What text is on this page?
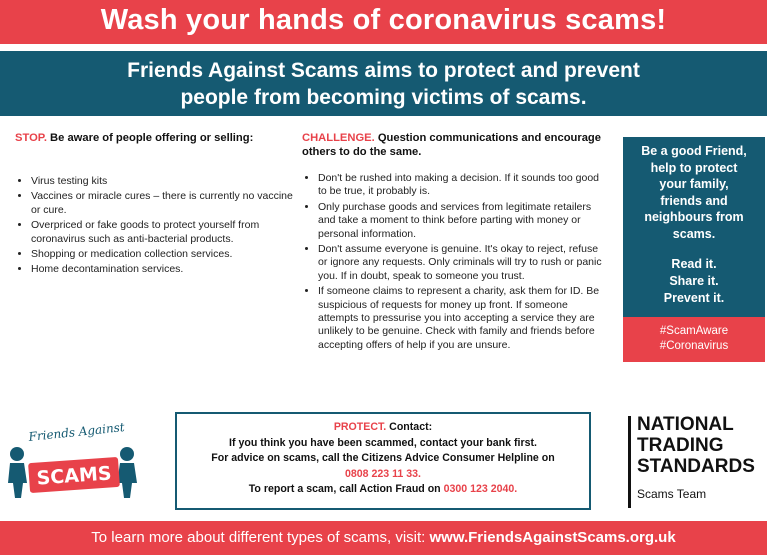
Wash your hands of coronavirus scams!
Friends Against Scams aims to protect and prevent
people from becoming victims of scams.
STOP. Be aware of people offering or selling:
• Virus testing kits
• Vaccines or miracle cures – there is currently no vaccine or cure.
• Overpriced or fake goods to protect yourself from coronavirus such as anti-bacterial products.
• Shopping or medication collection services.
• Home decontamination services.
CHALLENGE. Question communications and encourage others to do the same.
• Don't be rushed into making a decision. If it sounds too good to be true, it probably is.
• Only purchase goods and services from legitimate retailers and take a moment to think before parting with money or personal information.
• Don't assume everyone is genuine. It's okay to reject, refuse or ignore any requests. Only criminals will try to rush or panic you. If in doubt, speak to someone you trust.
• If someone claims to represent a charity, ask them for ID. Be suspicious of requests for money up front. If someone attempts to pressurise you into accepting a service they are unlikely to be genuine. Check with family and friends before accepting offers of help if you are unsure.
Be a good Friend,
help to protect
your family,
friends and
neighbours from
scams.
Read it.
Share it.
Prevent it.
#ScamAware
#Coronavirus
Friends Against
SCAMS
PROTECT. Contact:
If you think you have been scammed, contact your bank first.
For advice on scams, call the Citizens Advice Consumer Helpline on
0808 223 11 33.
To report a scam, call Action Fraud on 0300 123 2040.
NATIONAL
TRADING
STANDARDS
Scams Team
To learn more about different types of scams, visit: www.FriendsAgainstScams.org.uk
